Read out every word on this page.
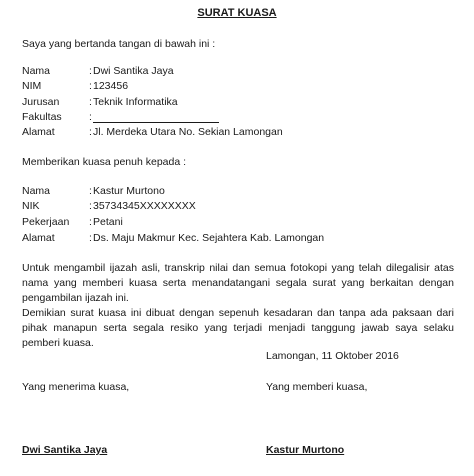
SURAT KUASA
Saya yang bertanda tangan di bawah ini :
Nama	: Dwi Santika Jaya
NIM	: 123456
Jurusan	: Teknik Informatika
Fakultas	:
Alamat	: Jl. Merdeka Utara No. Sekian Lamongan
Memberikan kuasa penuh kepada :
Nama	: Kastur Murtono
NIK	: 35734345XXXXXXXX
Pekerjaan : Petani
Alamat	: Ds. Maju Makmur Kec. Sejahtera Kab. Lamongan
Untuk mengambil ijazah asli, transkrip nilai dan semua fotokopi yang telah dilegalisir atas nama yang memberi kuasa serta menandatangani segala surat yang berkaitan dengan pengambilan ijazah ini.
Demikian surat kuasa ini dibuat dengan sepenuh kesadaran dan tanpa ada paksaan dari pihak manapun serta segala resiko yang terjadi menjadi tanggung jawab saya selaku pemberi kuasa.
Lamongan, 11 Oktober 2016
Yang menerima kuasa,	Yang memberi kuasa,
Dwi Santika Jaya	Kastur Murtono
